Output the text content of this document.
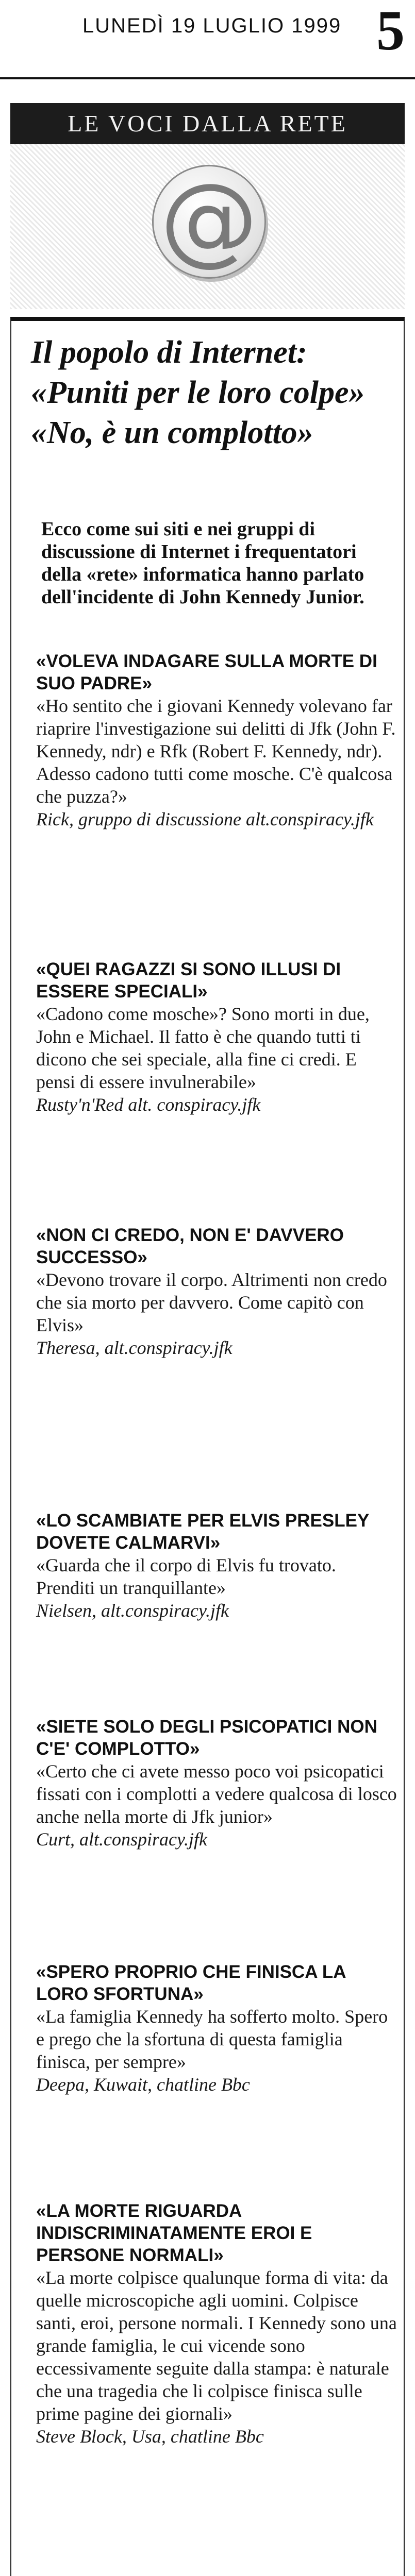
LUNEDÌ 19 LUGLIO 1999 5
LE VOCI DALLA RETE
@
Il popolo di Internet:
«Puniti per le loro colpe»
«No, è un complotto»
Ecco come sui siti e nei gruppi di discussione di Internet i frequentatori della «rete» informatica hanno parlato dell'incidente di John Kennedy Junior.
«VOLEVA INDAGARE SULLA MORTE DI SUO PADRE»
«Ho sentito che i giovani Kennedy volevano far riaprire l'investigazione sui delitti di Jfk (John F. Kennedy, ndr) e Rfk (Robert F. Kennedy, ndr). Adesso cadono tutti come mosche. C'è qualcosa che puzza?»
Rick, gruppo di discussione alt.conspiracy.jfk
«QUEI RAGAZZI SI SONO ILLUSI DI ESSERE SPECIALI»
«Cadono come mosche»? Sono morti in due, John e Michael. Il fatto è che quando tutti ti dicono che sei speciale, alla fine ci credi. E pensi di essere invulnerabile»
Rusty'n'Red alt. conspiracy.jfk
«NON CI CREDO, NON E' DAVVERO SUCCESSO»
«Devono trovare il corpo. Altrimenti non credo che sia morto per davvero. Come capitò con Elvis»
Theresa, alt.conspiracy.jfk
«LO SCAMBIATE PER ELVIS PRESLEY DOVETE CALMARVI»
«Guarda che il corpo di Elvis fu trovato. Prenditi un tranquillante»
Nielsen, alt.conspiracy.jfk
«SIETE SOLO DEGLI PSICOPATICI NON C'E' COMPLOTTO»
«Certo che ci avete messo poco voi psicopatici fissati con i complotti a vedere qualcosa di losco anche nella morte di Jfk junior»
Curt, alt.conspiracy.jfk
«SPERO PROPRIO CHE FINISCA LA LORO SFORTUNA»
«La famiglia Kennedy ha sofferto molto. Spero e prego che la sfortuna di questa famiglia finisca, per sempre»
Deepa, Kuwait, chatline Bbc
«LA MORTE RIGUARDA INDISCRIMINATAMENTE EROI E PERSONE NORMALI»
«La morte colpisce qualunque forma di vita: da quelle microscopiche agli uomini. Colpisce santi, eroi, persone normali. I Kennedy sono una grande famiglia, le cui vicende sono eccessivamente seguite dalla stampa: è naturale che una tragedia che li colpisce finisca sulle prime pagine dei giornali»
Steve Block, Usa, chatline Bbc
